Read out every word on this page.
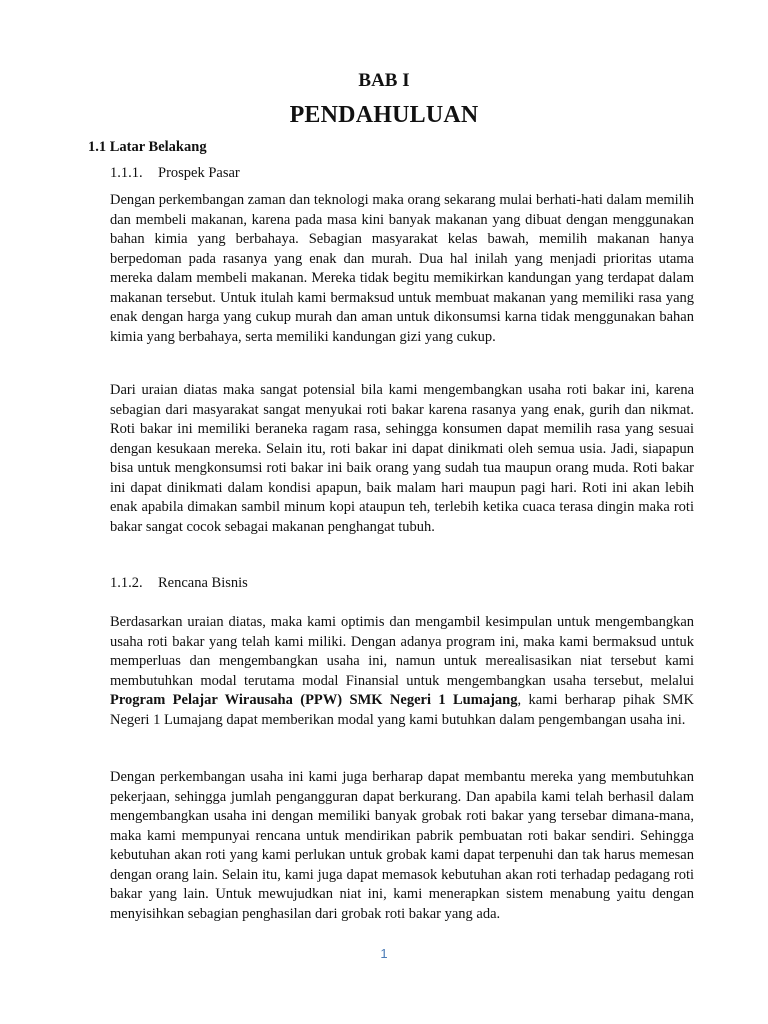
BAB I
PENDAHULUAN
1.1 Latar Belakang
1.1.1. Prospek Pasar

Dengan perkembangan zaman dan teknologi maka orang sekarang mulai berhati-hati dalam memilih dan membeli makanan, karena pada masa kini banyak makanan yang dibuat dengan menggunakan bahan kimia yang berbahaya. Sebagian masyarakat kelas bawah, memilih makanan hanya berpedoman pada rasanya yang enak dan murah. Dua hal inilah yang menjadi prioritas utama mereka dalam membeli makanan. Mereka tidak begitu memikirkan kandungan yang terdapat dalam makanan tersebut. Untuk itulah kami bermaksud untuk membuat makanan yang memiliki rasa yang enak dengan harga yang cukup murah dan aman untuk dikonsumsi karna tidak menggunakan bahan kimia yang berbahaya, serta memiliki kandungan gizi yang cukup.

Dari uraian diatas maka sangat potensial bila kami mengembangkan usaha roti bakar ini, karena sebagian dari masyarakat sangat menyukai roti bakar karena rasanya yang enak, gurih dan nikmat. Roti bakar ini memiliki beraneka ragam rasa, sehingga konsumen dapat memilih rasa yang sesuai dengan kesukaan mereka. Selain itu, roti bakar ini dapat dinikmati oleh semua usia. Jadi, siapapun bisa untuk mengkonsumsi roti bakar ini baik orang yang sudah tua maupun orang muda. Roti bakar ini dapat dinikmati dalam kondisi apapun, baik malam hari maupun pagi hari. Roti ini akan lebih enak apabila dimakan sambil minum kopi ataupun teh, terlebih ketika cuaca terasa dingin maka roti bakar sangat cocok sebagai makanan penghangat tubuh.

1.1.2. Rencana Bisnis

Berdasarkan uraian diatas, maka kami optimis dan mengambil kesimpulan untuk mengembangkan usaha roti bakar yang telah kami miliki. Dengan adanya program ini, maka kami bermaksud untuk memperluas dan mengembangkan usaha ini, namun untuk merealisasikan niat tersebut kami membutuhkan modal terutama modal Finansial untuk mengembangkan usaha tersebut, melalui Program Pelajar Wirausaha (PPW) SMK Negeri 1 Lumajang, kami berharap pihak SMK Negeri 1 Lumajang dapat memberikan modal yang kami butuhkan dalam pengembangan usaha ini.

Dengan perkembangan usaha ini kami juga berharap dapat membantu mereka yang membutuhkan pekerjaan, sehingga jumlah pengangguran dapat berkurang. Dan apabila kami telah berhasil dalam mengembangkan usaha ini dengan memiliki banyak grobak roti bakar yang tersebar dimana-mana, maka kami mempunyai rencana untuk mendirikan pabrik pembuatan roti bakar sendiri. Sehingga kebutuhan akan roti yang kami perlukan untuk grobak kami dapat terpenuhi dan tak harus memesan dengan orang lain. Selain itu, kami juga dapat memasok kebutuhan akan roti terhadap pedagang roti bakar yang lain. Untuk mewujudkan niat ini, kami menerapkan sistem menabung yaitu dengan menyisihkan sebagian penghasilan dari grobak roti bakar yang ada.

1
